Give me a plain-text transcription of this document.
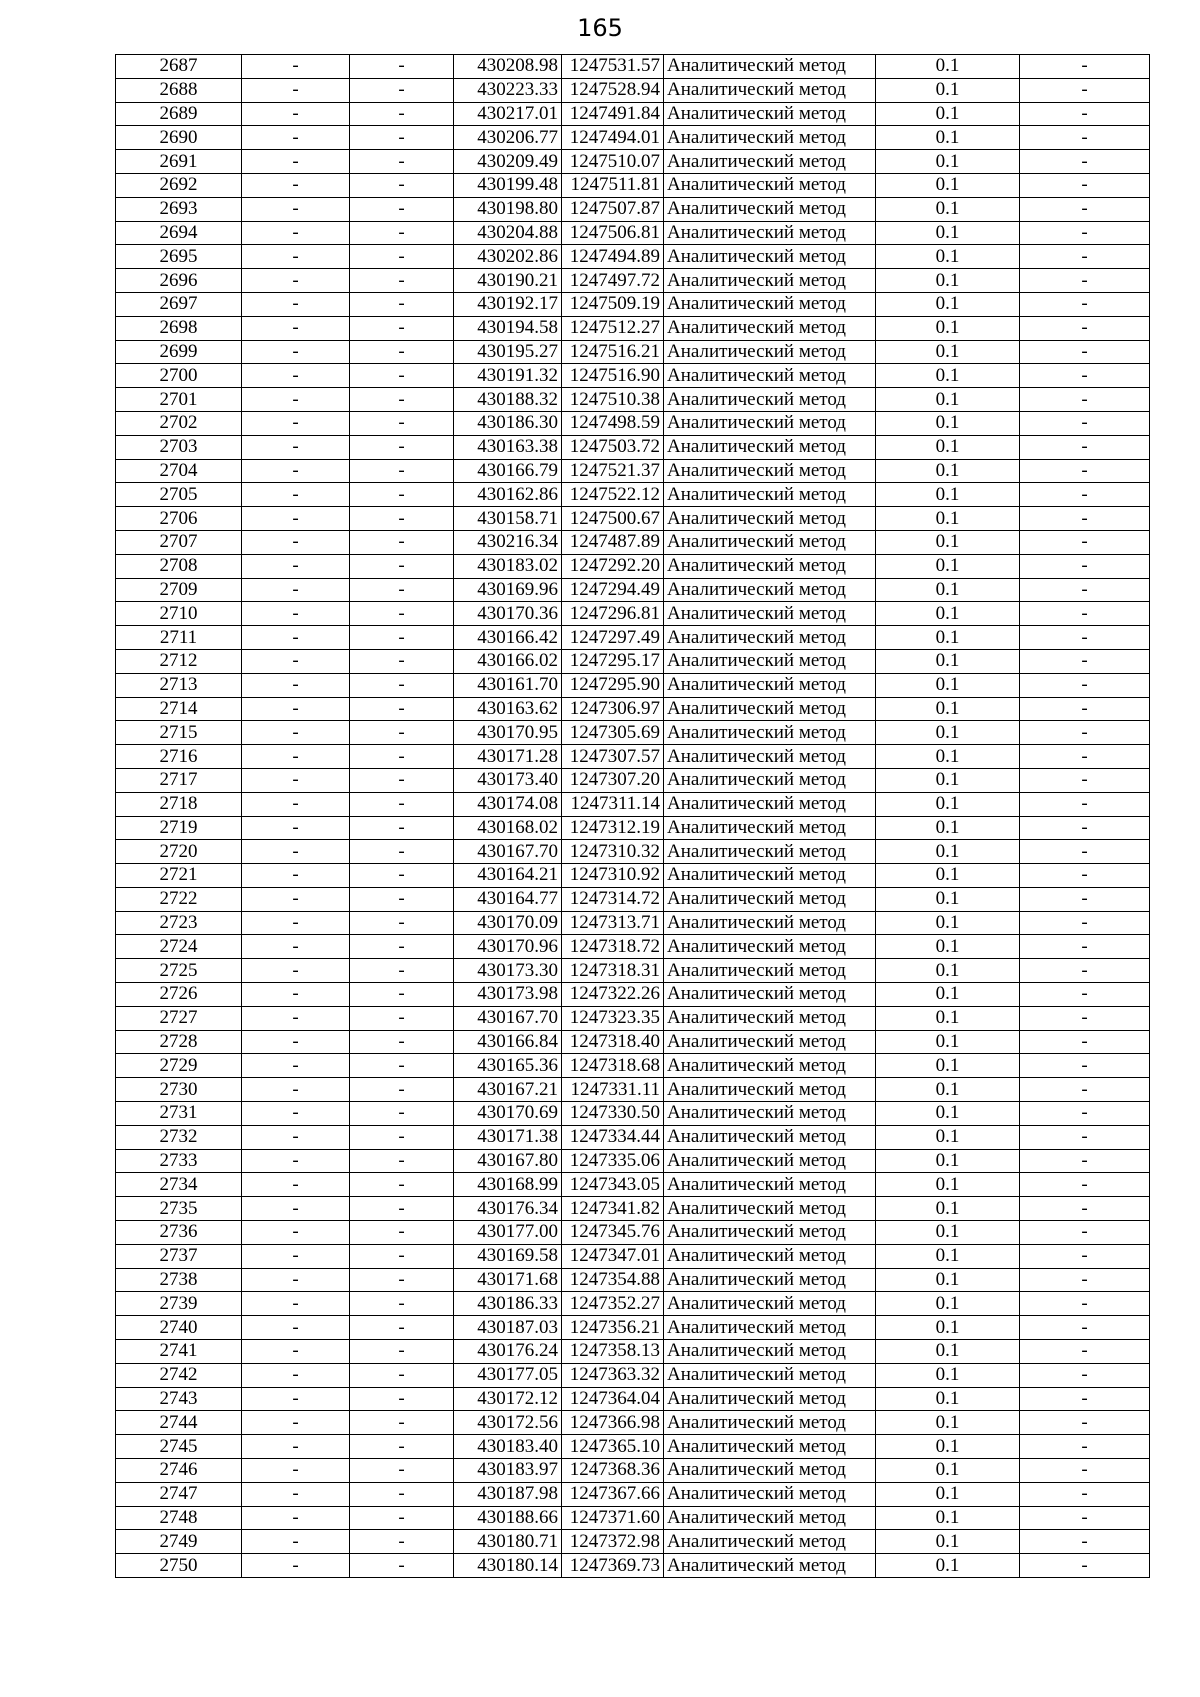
165
2687	-	-	430208.98	1247531.57	Аналитический метод	0.1	-
2688	-	-	430223.33	1247528.94	Аналитический метод	0.1	-
2689	-	-	430217.01	1247491.84	Аналитический метод	0.1	-
2690	-	-	430206.77	1247494.01	Аналитический метод	0.1	-
2691	-	-	430209.49	1247510.07	Аналитический метод	0.1	-
2692	-	-	430199.48	1247511.81	Аналитический метод	0.1	-
2693	-	-	430198.80	1247507.87	Аналитический метод	0.1	-
2694	-	-	430204.88	1247506.81	Аналитический метод	0.1	-
2695	-	-	430202.86	1247494.89	Аналитический метод	0.1	-
2696	-	-	430190.21	1247497.72	Аналитический метод	0.1	-
2697	-	-	430192.17	1247509.19	Аналитический метод	0.1	-
2698	-	-	430194.58	1247512.27	Аналитический метод	0.1	-
2699	-	-	430195.27	1247516.21	Аналитический метод	0.1	-
2700	-	-	430191.32	1247516.90	Аналитический метод	0.1	-
2701	-	-	430188.32	1247510.38	Аналитический метод	0.1	-
2702	-	-	430186.30	1247498.59	Аналитический метод	0.1	-
2703	-	-	430163.38	1247503.72	Аналитический метод	0.1	-
2704	-	-	430166.79	1247521.37	Аналитический метод	0.1	-
2705	-	-	430162.86	1247522.12	Аналитический метод	0.1	-
2706	-	-	430158.71	1247500.67	Аналитический метод	0.1	-
2707	-	-	430216.34	1247487.89	Аналитический метод	0.1	-
2708	-	-	430183.02	1247292.20	Аналитический метод	0.1	-
2709	-	-	430169.96	1247294.49	Аналитический метод	0.1	-
2710	-	-	430170.36	1247296.81	Аналитический метод	0.1	-
2711	-	-	430166.42	1247297.49	Аналитический метод	0.1	-
2712	-	-	430166.02	1247295.17	Аналитический метод	0.1	-
2713	-	-	430161.70	1247295.90	Аналитический метод	0.1	-
2714	-	-	430163.62	1247306.97	Аналитический метод	0.1	-
2715	-	-	430170.95	1247305.69	Аналитический метод	0.1	-
2716	-	-	430171.28	1247307.57	Аналитический метод	0.1	-
2717	-	-	430173.40	1247307.20	Аналитический метод	0.1	-
2718	-	-	430174.08	1247311.14	Аналитический метод	0.1	-
2719	-	-	430168.02	1247312.19	Аналитический метод	0.1	-
2720	-	-	430167.70	1247310.32	Аналитический метод	0.1	-
2721	-	-	430164.21	1247310.92	Аналитический метод	0.1	-
2722	-	-	430164.77	1247314.72	Аналитический метод	0.1	-
2723	-	-	430170.09	1247313.71	Аналитический метод	0.1	-
2724	-	-	430170.96	1247318.72	Аналитический метод	0.1	-
2725	-	-	430173.30	1247318.31	Аналитический метод	0.1	-
2726	-	-	430173.98	1247322.26	Аналитический метод	0.1	-
2727	-	-	430167.70	1247323.35	Аналитический метод	0.1	-
2728	-	-	430166.84	1247318.40	Аналитический метод	0.1	-
2729	-	-	430165.36	1247318.68	Аналитический метод	0.1	-
2730	-	-	430167.21	1247331.11	Аналитический метод	0.1	-
2731	-	-	430170.69	1247330.50	Аналитический метод	0.1	-
2732	-	-	430171.38	1247334.44	Аналитический метод	0.1	-
2733	-	-	430167.80	1247335.06	Аналитический метод	0.1	-
2734	-	-	430168.99	1247343.05	Аналитический метод	0.1	-
2735	-	-	430176.34	1247341.82	Аналитический метод	0.1	-
2736	-	-	430177.00	1247345.76	Аналитический метод	0.1	-
2737	-	-	430169.58	1247347.01	Аналитический метод	0.1	-
2738	-	-	430171.68	1247354.88	Аналитический метод	0.1	-
2739	-	-	430186.33	1247352.27	Аналитический метод	0.1	-
2740	-	-	430187.03	1247356.21	Аналитический метод	0.1	-
2741	-	-	430176.24	1247358.13	Аналитический метод	0.1	-
2742	-	-	430177.05	1247363.32	Аналитический метод	0.1	-
2743	-	-	430172.12	1247364.04	Аналитический метод	0.1	-
2744	-	-	430172.56	1247366.98	Аналитический метод	0.1	-
2745	-	-	430183.40	1247365.10	Аналитический метод	0.1	-
2746	-	-	430183.97	1247368.36	Аналитический метод	0.1	-
2747	-	-	430187.98	1247367.66	Аналитический метод	0.1	-
2748	-	-	430188.66	1247371.60	Аналитический метод	0.1	-
2749	-	-	430180.71	1247372.98	Аналитический метод	0.1	-
2750	-	-	430180.14	1247369.73	Аналитический метод	0.1	-
